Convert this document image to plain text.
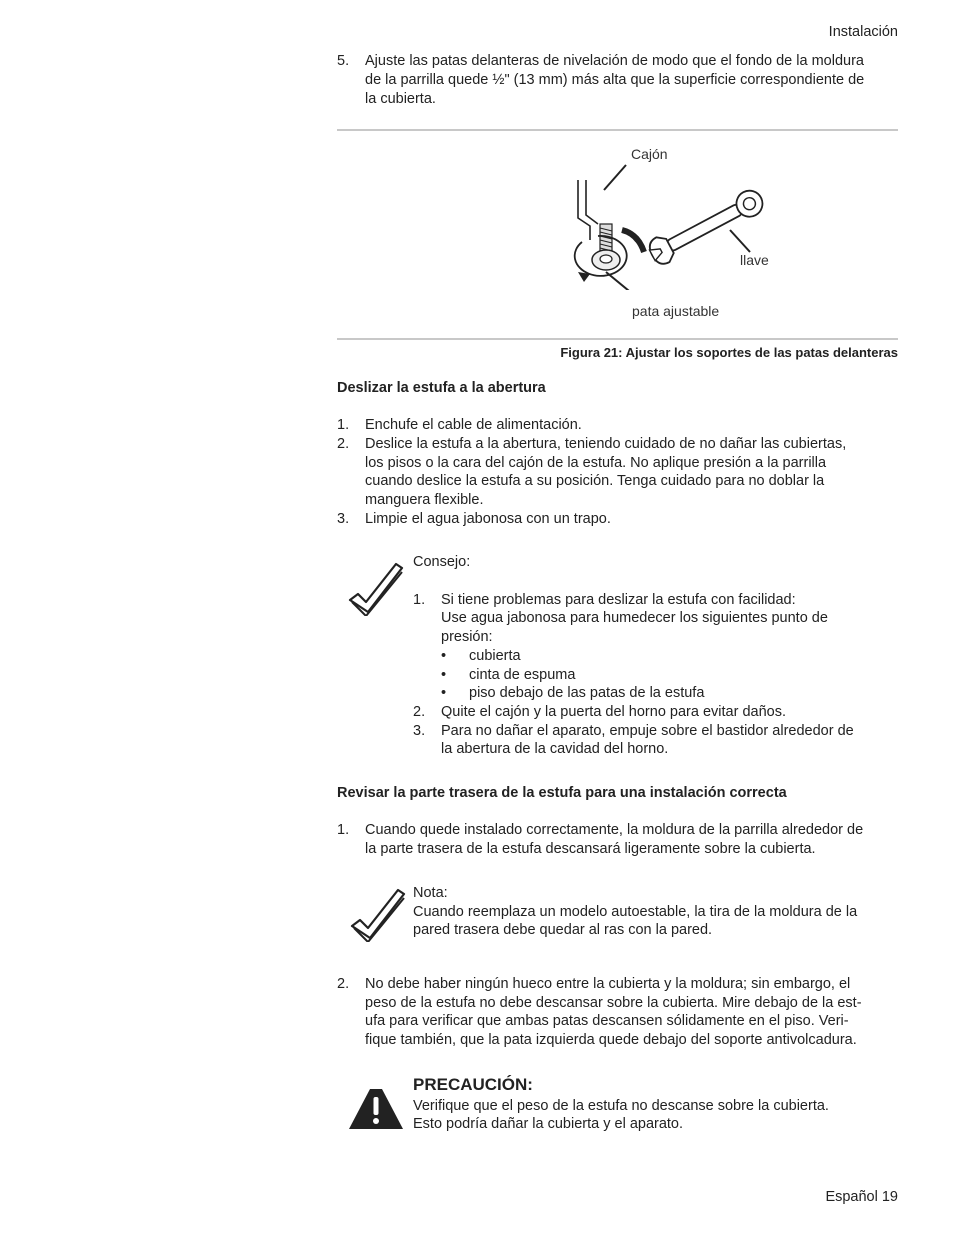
Instalación
5. Ajuste las patas delanteras de nivelación de modo que el fondo de la moldura
de la parrilla quede ½" (13 mm) más alta que la superficie correspondiente de
la cubierta.
Cajón
llave
pata ajustable
Figura 21: Ajustar los soportes de las patas delanteras
Deslizar la estufa a la abertura
1. Enchufe el cable de alimentación.
2. Deslice la estufa a la abertura, teniendo cuidado de no dañar las cubiertas,
los pisos o la cara del cajón de la estufa. No aplique presión a la parrilla
cuando deslice la estufa a su posición. Tenga cuidado para no doblar la
manguera flexible.
3. Limpie el agua jabonosa con un trapo.
Consejo:
1. Si tiene problemas para deslizar la estufa con facilidad:
Use agua jabonosa para humedecer los siguientes punto de
presión:
• cubierta
• cinta de espuma
• piso debajo de las patas de la estufa
2. Quite el cajón y la puerta del horno para evitar daños.
3. Para no dañar el aparato, empuje sobre el bastidor alrededor de
la abertura de la cavidad del horno.
Revisar la parte trasera de la estufa para una instalación correcta
1. Cuando quede instalado correctamente, la moldura de la parrilla alrededor de
la parte trasera de la estufa descansará ligeramente sobre la cubierta.
Nota:
Cuando reemplaza un modelo autoestable, la tira de la moldura de la
pared trasera debe quedar al ras con la pared.
2. No debe haber ningún hueco entre la cubierta y la moldura; sin embargo, el
peso de la estufa no debe descansar sobre la cubierta. Mire debajo de la est-
ufa para verificar que ambas patas descansen sólidamente en el piso. Veri-
fique también, que la pata izquierda quede debajo del soporte antivolcadura.
PRECAUCIÓN:
Verifique que el peso de la estufa no descanse sobre la cubierta.
Esto podría dañar la cubierta y el aparato.
Español 19
